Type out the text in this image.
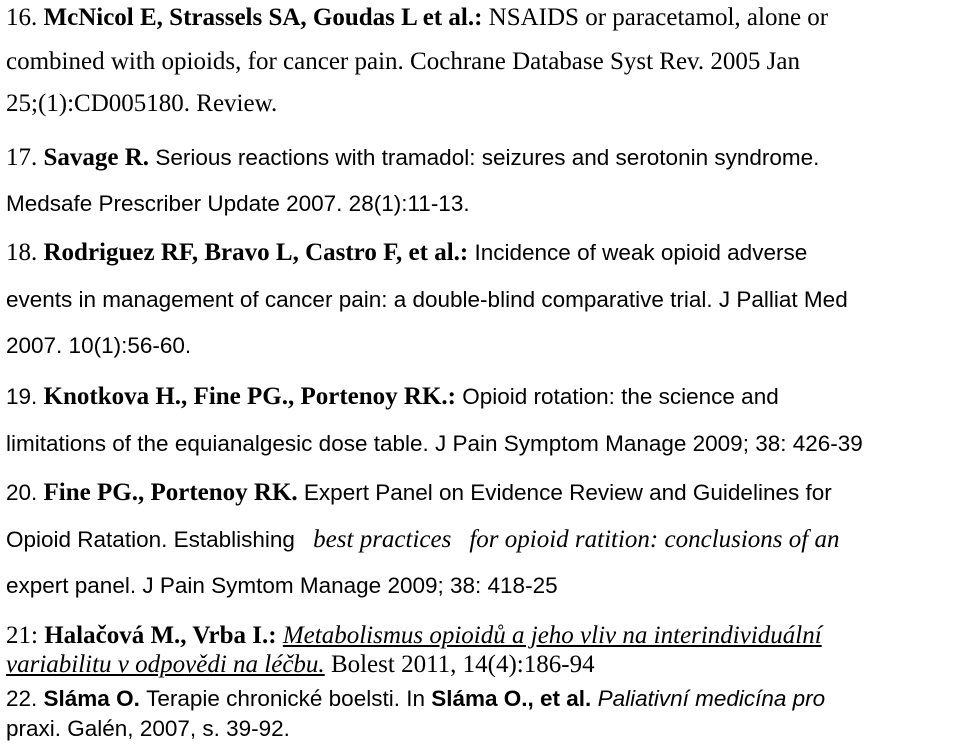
16. McNicol E, Strassels SA, Goudas L et al.: NSAIDS or paracetamol, alone or
combined with opioids, for cancer pain. Cochrane Database Syst Rev. 2005 Jan
25;(1):CD005180. Review.
17. Savage R. Serious reactions with tramadol: seizures and serotonin syndrome.
Medsafe Prescriber Update 2007. 28(1):11-13.
18. Rodriguez RF, Bravo L, Castro F, et al.: Incidence of weak opioid adverse
events in management of cancer pain: a double-blind comparative trial. J Palliat Med
2007. 10(1):56-60.
19. Knotkova H., Fine PG., Portenoy RK.: Opioid rotation: the science and
limitations of the equianalgesic dose table. J Pain Symptom Manage 2009; 38: 426-39
20. Fine PG., Portenoy RK. Expert Panel on Evidence Review and Guidelines for
Opioid Ratation. Establishing best practices for opioid ratition: conclusions of an
expert panel. J Pain Symtom Manage 2009; 38: 418-25
21: Halačová M., Vrba I.: Metabolismus opioidů a jeho vliv na interindividuální
variabilitu v odpovědi na léčbu. Bolest 2011, 14(4):186-94
22. Sláma O. Terapie chronické boelsti. In Sláma O., et al. Paliativní medicína pro
praxi. Galén, 2007, s. 39-92.
